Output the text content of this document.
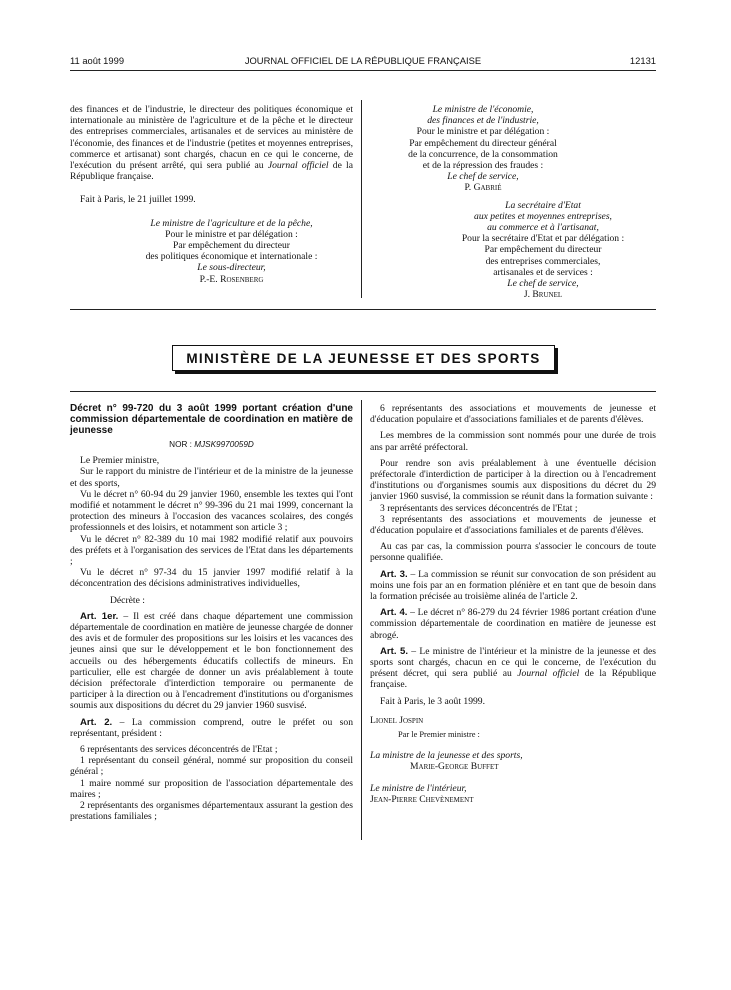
11 août 1999	JOURNAL OFFICIEL DE LA RÉPUBLIQUE FRANÇAISE	12131

des finances et de l'industrie, le directeur des politiques économique et internationale au ministère de l'agriculture et de la pêche et le directeur des entreprises commerciales, artisanales et de services au ministère de l'économie, des finances et de l'industrie (petites et moyennes entreprises, commerce et artisanat) sont chargés, chacun en ce qui le concerne, de l'exécution du présent arrêté, qui sera publié au Journal officiel de la République française.

Fait à Paris, le 21 juillet 1999.

Le ministre de l'agriculture et de la pêche,
Pour le ministre et par délégation :
Par empêchement du directeur
des politiques économique et internationale :
Le sous-directeur,
P.-E. Rosenberg
Le ministre de l'économie,
des finances et de l'industrie,
Pour le ministre et par délégation :
Par empêchement du directeur général
de la concurrence, de la consommation
et de la répression des fraudes :
Le chef de service,
P. Gabrié
La secrétaire d'Etat
aux petites et moyennes entreprises,
au commerce et à l'artisanat,
Pour la secrétaire d'Etat et par délégation :
Par empêchement du directeur
des entreprises commerciales,
artisanales et de services :
Le chef de service,
J. Brunel
MINISTÈRE DE LA JEUNESSE ET DES SPORTS

Décret n° 99-720 du 3 août 1999 portant création d'une commission départementale de coordination en matière de jeunesse

NOR : MJSK9970059D

Le Premier ministre,

Sur le rapport du ministre de l'intérieur et de la ministre de la jeunesse et des sports,

Vu le décret n° 60-94 du 29 janvier 1960, ensemble les textes qui l'ont modifié et notamment le décret n° 99-396 du 21 mai 1999, concernant la protection des mineurs à l'occasion des vacances scolaires, des congés professionnels et des loisirs, et notamment son article 3 ;

Vu le décret n° 82-389 du 10 mai 1982 modifié relatif aux pouvoirs des préfets et à l'organisation des services de l'Etat dans les départements ;

Vu le décret n° 97-34 du 15 janvier 1997 modifié relatif à la déconcentration des décisions administratives individuelles,

Décrète :

Art. 1er. – Il est créé dans chaque département une commission départementale de coordination en matière de jeunesse chargée de donner des avis et de formuler des propositions sur les loisirs et les vacances des jeunes ainsi que sur le développement et le bon fonctionnement des accueils ou des hébergements éducatifs collectifs de mineurs. En particulier, elle est chargée de donner un avis préalablement à toute décision préfectorale d'interdiction temporaire ou permanente de participer à la direction ou à l'encadrement d'institutions ou d'organismes soumis aux dispositions du décret du 29 janvier 1960 susvisé.

Art. 2. – La commission comprend, outre le préfet ou son représentant, président :

6 représentants des services déconcentrés de l'Etat ;

1 représentant du conseil général, nommé sur proposition du conseil général ;

1 maire nommé sur proposition de l'association départementale des maires ;

2 représentants des organismes départementaux assurant la gestion des prestations familiales ;

6 représentants des associations et mouvements de jeunesse et d'éducation populaire et d'associations familiales et de parents d'élèves.

Les membres de la commission sont nommés pour une durée de trois ans par arrêté préfectoral.

Pour rendre son avis préalablement à une éventuelle décision préfectorale d'interdiction de participer à la direction ou à l'encadrement d'institutions ou d'organismes soumis aux dispositions du décret du 29 janvier 1960 susvisé, la commission se réunit dans la formation suivante :

3 représentants des services déconcentrés de l'Etat ;

3 représentants des associations et mouvements de jeunesse et d'éducation populaire et d'associations familiales et de parents d'élèves.

Au cas par cas, la commission pourra s'associer le concours de toute personne qualifiée.

Art. 3. – La commission se réunit sur convocation de son président au moins une fois par an en formation plénière et en tant que de besoin dans la formation précisée au troisième alinéa de l'article 2.

Art. 4. – Le décret n° 86-279 du 24 février 1986 portant création d'une commission départementale de coordination en matière de jeunesse est abrogé.

Art. 5. – Le ministre de l'intérieur et la ministre de la jeunesse et des sports sont chargés, chacun en ce qui le concerne, de l'exécution du présent décret, qui sera publié au Journal officiel de la République française.

Fait à Paris, le 3 août 1999.

Lionel Jospin

Par le Premier ministre :

La ministre de la jeunesse et des sports,

Marie-George Buffet

Le ministre de l'intérieur,

Jean-Pierre Chevènement
